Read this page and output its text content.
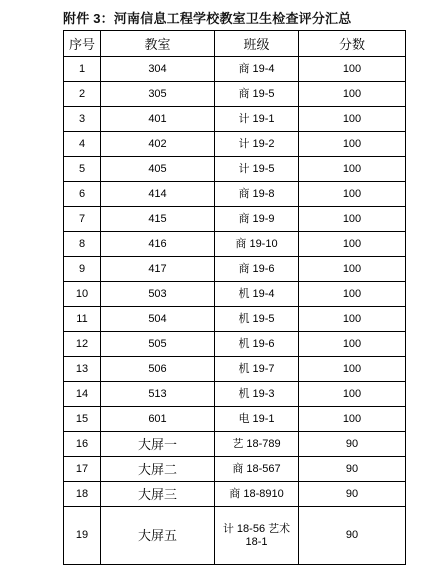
附件 3：河南信息工程学校教室卫生检查评分汇总
序号	教室	班级	分数
1	304	商 19-4	100
2	305	商 19-5	100
3	401	计 19-1	100
4	402	计 19-2	100
5	405	计 19-5	100
6	414	商 19-8	100
7	415	商 19-9	100
8	416	商 19-10	100
9	417	商 19-6	100
10	503	机 19-4	100
11	504	机 19-5	100
12	505	机 19-6	100
13	506	机 19-7	100
14	513	机 19-3	100
15	601	电 19-1	100
16	大屏一	艺 18-789	90
17	大屏二	商 18-567	90
18	大屏三	商 18-8910	90
19	大屏五	计 18-56 艺术 18-1	90
